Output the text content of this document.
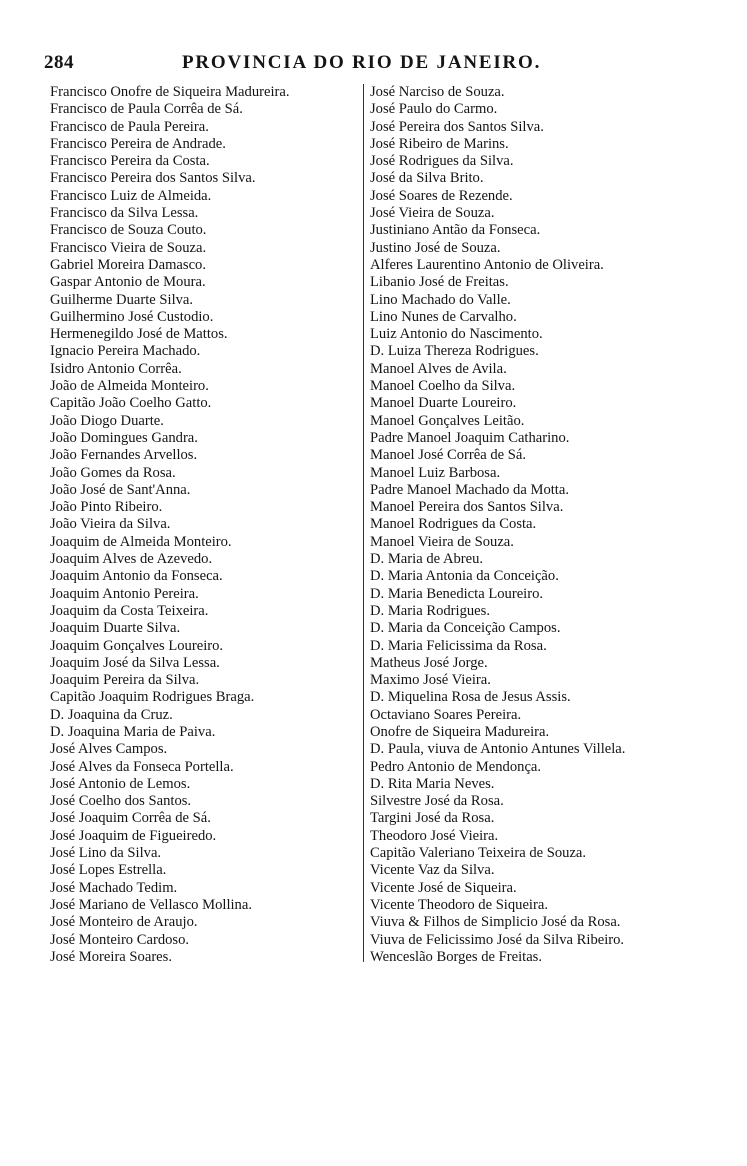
284	PROVINCIA DO RIO DE JANEIRO.
Francisco Onofre de Siqueira Madureira.
Francisco de Paula Corrêa de Sá.
Francisco de Paula Pereira.
Francisco Pereira de Andrade.
Francisco Pereira da Costa.
Francisco Pereira dos Santos Silva.
Francisco Luiz de Almeida.
Francisco da Silva Lessa.
Francisco de Souza Couto.
Francisco Vieira de Souza.
Gabriel Moreira Damasco.
Gaspar Antonio de Moura.
Guilherme Duarte Silva.
Guilhermino José Custodio.
Hermenegildo José de Mattos.
Ignacio Pereira Machado.
Isidro Antonio Corrêa.
João de Almeida Monteiro.
Capitão João Coelho Gatto.
João Diogo Duarte.
João Domingues Gandra.
João Fernandes Arvellos.
João Gomes da Rosa.
João José de Sant'Anna.
João Pinto Ribeiro.
João Vieira da Silva.
Joaquim de Almeida Monteiro.
Joaquim Alves de Azevedo.
Joaquim Antonio da Fonseca.
Joaquim Antonio Pereira.
Joaquim da Costa Teixeira.
Joaquim Duarte Silva.
Joaquim Gonçalves Loureiro.
Joaquim José da Silva Lessa.
Joaquim Pereira da Silva.
Capitão Joaquim Rodrigues Braga.
D. Joaquina da Cruz.
D. Joaquina Maria de Paiva.
José Alves Campos.
José Alves da Fonseca Portella.
José Antonio de Lemos.
José Coelho dos Santos.
José Joaquim Corrêa de Sá.
José Joaquim de Figueiredo.
José Lino da Silva.
José Lopes Estrella.
José Machado Tedim.
José Mariano de Vellasco Mollina.
José Monteiro de Araujo.
José Monteiro Cardoso.
José Moreira Soares.
José Narciso de Souza.
José Paulo do Carmo.
José Pereira dos Santos Silva.
José Ribeiro de Marins.
José Rodrigues da Silva.
José da Silva Brito.
José Soares de Rezende.
José Vieira de Souza.
Justiniano Antão da Fonseca.
Justino José de Souza.
Alferes Laurentino Antonio de Oliveira.
Libanio José de Freitas.
Lino Machado do Valle.
Lino Nunes de Carvalho.
Luiz Antonio do Nascimento.
D. Luiza Thereza Rodrigues.
Manoel Alves de Avila.
Manoel Coelho da Silva.
Manoel Duarte Loureiro.
Manoel Gonçalves Leitão.
Padre Manoel Joaquim Catharino.
Manoel José Corrêa de Sá.
Manoel Luiz Barbosa.
Padre Manoel Machado da Motta.
Manoel Pereira dos Santos Silva.
Manoel Rodrigues da Costa.
Manoel Vieira de Souza.
D. Maria de Abreu.
D. Maria Antonia da Conceição.
D. Maria Benedicta Loureiro.
D. Maria Rodrigues.
D. Maria da Conceição Campos.
D. Maria Felicissima da Rosa.
Matheus José Jorge.
Maximo José Vieira.
D. Miquelina Rosa de Jesus Assis.
Octaviano Soares Pereira.
Onofre de Siqueira Madureira.
D. Paula, viuva de Antonio Antunes Villela.
Pedro Antonio de Mendonça.
D. Rita Maria Neves.
Silvestre José da Rosa.
Targini José da Rosa.
Theodoro José Vieira.
Capitão Valeriano Teixeira de Souza.
Vicente Vaz da Silva.
Vicente José de Siqueira.
Vicente Theodoro de Siqueira.
Viuva & Filhos de Simplicio José da Rosa.
Viuva de Felicissimo José da Silva Ribeiro.
Wenceslão Borges de Freitas.
